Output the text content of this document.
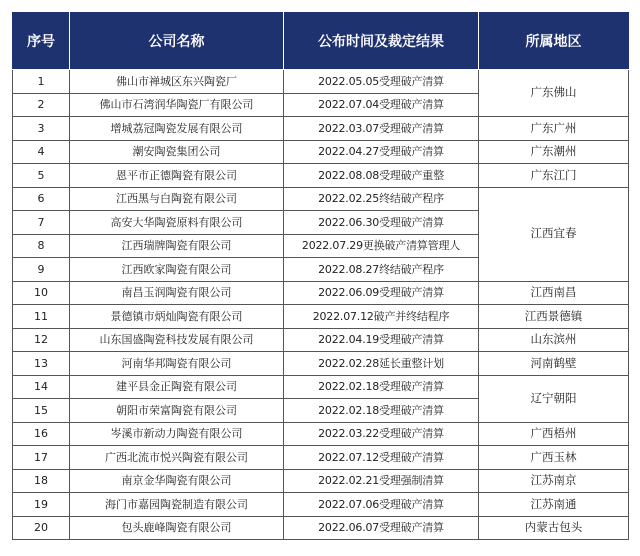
序号	公司名称	公布时间及裁定结果	所属地区
1	佛山市禅城区东兴陶瓷厂	2022.05.05受理破产清算	广东佛山
2	佛山市石湾润华陶瓷厂有限公司	2022.07.04受理破产清算	
3	增城荔冠陶瓷发展有限公司	2022.03.07受理破产清算	广东广州
4	潮安陶瓷集团公司	2022.04.27受理破产清算	广东潮州
5	恩平市正德陶瓷有限公司	2022.08.08受理破产重整	广东江门
6	江西黑与白陶瓷有限公司	2022.02.25终结破产程序	江西宜春
7	高安大华陶瓷原料有限公司	2022.06.30受理破产清算	
8	江西瑞牌陶瓷有限公司	2022.07.29更换破产清算管理人	
9	江西欧家陶瓷有限公司	2022.08.27终结破产程序	
10	南昌玉润陶瓷有限公司	2022.06.09受理破产清算	江西南昌
11	景德镇市炳灿陶瓷有限公司	2022.07.12破产并终结程序	江西景德镇
12	山东国盛陶瓷科技发展有限公司	2022.04.19受理破产清算	山东滨州
13	河南华邦陶瓷有限公司	2022.02.28延长重整计划	河南鹤壁
14	建平县金正陶瓷有限公司	2022.02.18受理破产清算	辽宁朝阳
15	朝阳市荣富陶瓷有限公司	2022.02.18受理破产清算	
16	岑溪市新动力陶瓷有限公司	2022.03.22受理破产清算	广西梧州
17	广西北流市悦兴陶瓷有限公司	2022.07.12受理破产清算	广西玉林
18	南京金华陶瓷有限公司	2022.02.21受理强制清算	江苏南京
19	海门市嘉园陶瓷制造有限公司	2022.07.06受理破产清算	江苏南通
20	包头鹿峰陶瓷有限公司	2022.06.07受理破产清算	内蒙古包头
